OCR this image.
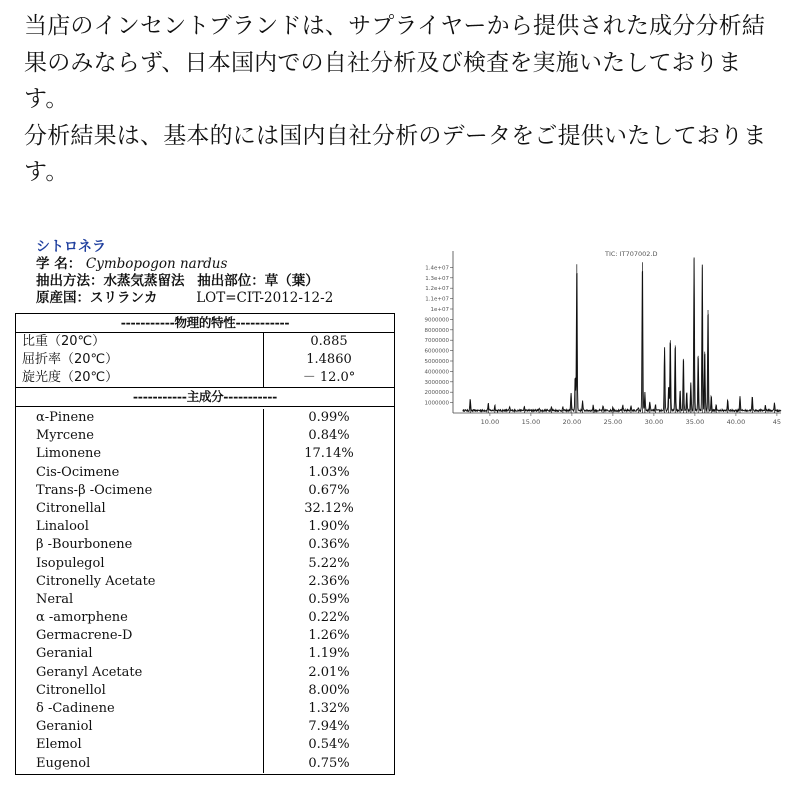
当店のインセントブランドは、サプライヤーから提供された成分分析結果のみならず、日本国内での自社分析及び検査を実施いたしております。

分析結果は、基本的には国内自社分析のデータをご提供いたしております。

シトロネラ
学 名： Cymbopogon nardus
抽出方法：水蒸気蒸留法 抽出部位：草（葉）
原産国：スリランカ	LOT=CIT-2012-12-2
-----------物理的特性-----------
比重（20℃）	0.885
屈折率（20℃）	1.4860
旋光度（20℃）	－ 12.0°
-----------主成分-----------
α-Pinene	0.99%
Myrcene	0.84%
Limonene	17.14%
Cis-Ocimene	1.03%
Trans-β -Ocimene	0.67%
Citronellal	32.12%
Linalool	1.90%
β -Bourbonene	0.36%
Isopulegol	5.22%
Citronelly Acetate	2.36%
Neral	0.59%
α -amorphene	0.22%
Germacrene-D	1.26%
Geranial	1.19%
Geranyl Acetate	2.01%
Citronellol	8.00%
δ -Cadinene	1.32%
Geraniol	7.94%
Elemol	0.54%
Eugenol	0.75%
TIC: IT707002.D
1000000
2000000
3000000
4000000
5000000
6000000
7000000
8000000
9000000
1e+07
1.1e+07
1.2e+07
1.3e+07
1.4e+07
10.00	15.00	20.00	25.00	30.00	35.00	40.00	45
